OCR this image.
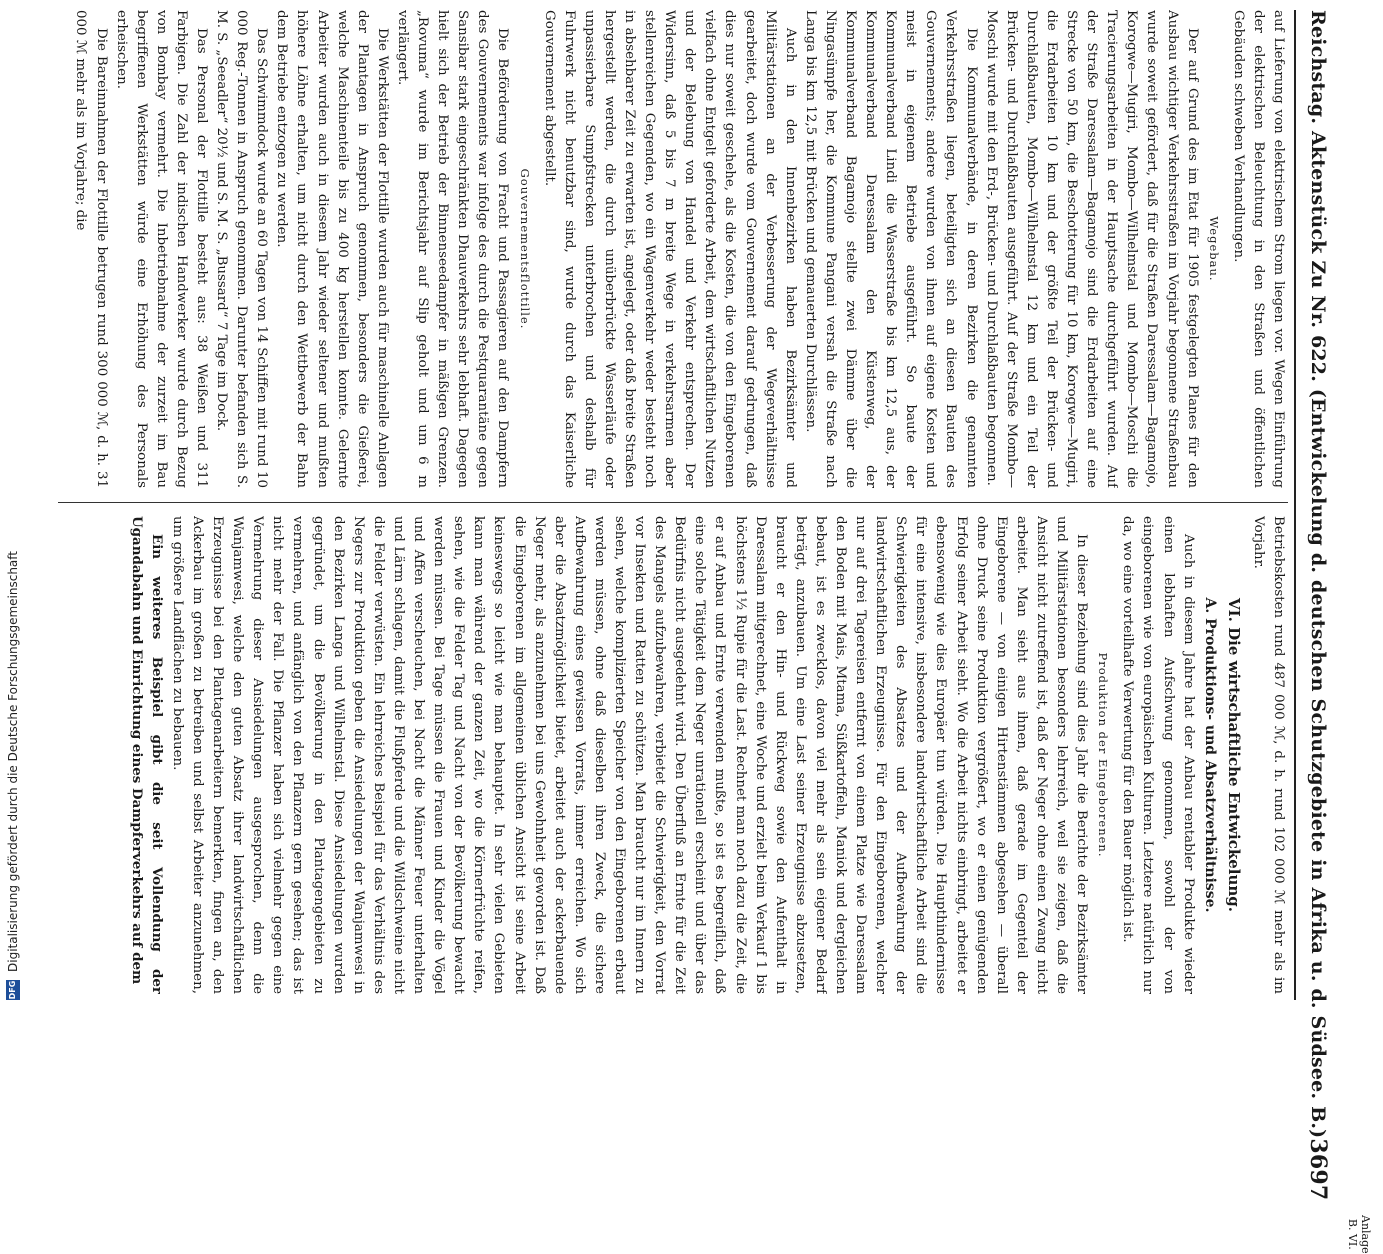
Reichstag. Aktenstück Zu Nr. 622. (Entwickelung d. deutschen Schutzgebiete in Afrika u. d. Südsee. B.)
3697

auf Lieferung von elektrischem Strom liegen vor. Wegen Einführung der elektrischen Beleuchtung in den Straßen und öffentlichen Gebäuden schweben Verhandlungen.

Wegebau.

Der auf Grund des im Etat für 1905 festgelegten Planes für den Ausbau wichtiger Verkehrsstraßen im Vorjahr begonnene Straßenbau wurde soweit gefördert, daß für die Straßen Daressalam—Bagamojo, Korogwe—Mugiri, Mombo—Wilhelmstal und Mombo—Moschi die Tracierungsarbeiten in der Hauptsache durchgeführt wurden. Auf der Straße Daressalam—Bagamojo sind die Erdarbeiten auf eine Strecke von 50 km, die Beschotterung für 10 km, Korogwe—Mugiri, die Erdarbeiten 10 km und der größte Teil der Brücken- und Durchlaßbauten, Mombo—Wilhelmstal 12 km und ein Teil der Brücken- und Durchlaßbauten ausgeführt. Auf der Straße Mombo—Moschi wurde mit den Erd-, Brücken- und Durchlaßbauten begonnen.

Die Kommunalverbände, in deren Bezirken die genannten Verkehrsstraßen liegen, beteiligten sich an diesen Bauten des Gouvernements; andere wurden von ihnen auf eigene Kosten und meist in eigenem Betriebe ausgeführt. So baute der Kommunalverband Lindi die Wasserstraße bis km 12,5 aus, der Kommunalverband Daressalam den Küstenweg, der Kommunalverband Bagamojo stellte zwei Dämme über die Ningasümpfe her, die Kommune Pangani versah die Straße nach Langa bis km 12,5 mit Brücken und gemauerten Durchlässen.

Auch in den Innenbezirken haben Bezirksämter und Militärstationen an der Verbesserung der Wegeverhältnisse gearbeitet, doch wurde vom Gouvernement darauf gedrungen, daß dies nur soweit geschehe, als die Kosten, die von den Eingeborenen vielfach ohne Entgelt geforderte Arbeit, dem wirtschaftlichen Nutzen und der Belebung von Handel und Verkehr entsprechen. Der Widersinn, daß 5 bis 7 m breite Wege in verkehrsarmen aber stellenreichen Gegenden, wo ein Wagenverkehr weder besteht noch in absehbarer Zeit zu erwarten ist, angelegt, oder daß breite Straßen hergestellt werden, die durch unüberbrückte Wasserläufe oder unpassierbare Sumpfstrecken unterbrochen und deshalb für Fuhrwerk nicht benutzbar sind, wurde durch das Kaiserliche Gouvernement abgestellt.

Gouvernementsflottille.

Die Beförderung von Fracht und Passagieren auf den Dampfern des Gouvernements war infolge des durch die Pestquarantäne gegen Sansibar stark eingeschränkten Dhauverkehrs sehr lebhaft. Dagegen hielt sich der Betrieb der Binnenseedampfer in mäßigen Grenzen. „Rovuma“ wurde im Berichtsjahr auf Slip geholt und um 6 m verlängert.

Die Werkstätten der Flottille wurden auch für maschinelle Anlagen der Plantagen in Anspruch genommen, besonders die Gießerei, welche Maschinenteile bis zu 400 kg herstellen konnte. Gelernte Arbeiter wurden auch in diesem Jahr wieder seltener und mußten höhere Löhne erhalten, um nicht durch den Wettbewerb der Bahn dem Betriebe entzogen zu werden.

Das Schwimmdock wurde an 60 Tagen von 14 Schiffen mit rund 10 000 Reg.-Tonnen in Anspruch genommen. Darunter befanden sich S. M. S. „Seeadler“ 20½ und S. M. S. „Bussard“ 7 Tage im Dock.

Das Personal der Flottille besteht aus: 38 Weißen und 311 Farbigen. Die Zahl der indischen Handwerker wurde durch Bezug von Bombay vermehrt. Die Inbetriebnahme der zurzeit im Bau begriffenen Werkstätten würde eine Erhöhung des Personals erheischen.

Die Bareinnahmen der Flottille betrugen rund 300 000 ℳ, d. h. 31 000 ℳ mehr als im Vorjahre; die

Betriebskosten rund 487 000 ℳ, d. h. rund 102 000 ℳ mehr als im Vorjahr.

VI. Die wirtschaftliche Entwickelung.
A. Produktions- und Absatzverhältnisse.

Auch in diesem Jahre hat der Anbau rentabler Produkte wieder einen lebhaften Aufschwung genommen, sowohl der von eingeborenen wie von europäischen Kulturen. Letztere natürlich nur da, wo eine vorteilhafte Verwertung für den Bauer möglich ist.

Produktion der Eingeborenen.

In dieser Beziehung sind dies Jahr die Berichte der Bezirksämter und Militärstationen besonders lehrreich, weil sie zeigen, daß die Ansicht nicht zutreffend ist, daß der Neger ohne einen Zwang nicht arbeitet. Man sieht aus ihnen, daß gerade im Gegenteil der Eingeborene — von einigen Hirtenstämmen abgesehen — überall ohne Druck seine Produktion vergrößert, wo er einen genügenden Erfolg seiner Arbeit sieht. Wo die Arbeit nichts einbringt, arbeitet er ebensowenig wie dies Europäer tun würden. Die Haupthindernisse für eine intensive, insbesondere landwirtschaftliche Arbeit sind die Schwierigkeiten des Absatzes und der Aufbewahrung der landwirtschaftlichen Erzeugnisse. Für den Eingeborenen, welcher nur auf drei Tagereisen entfernt von einem Platze wie Daressalam den Boden mit Mais, Mtama, Süßkartoffeln, Maniok und dergleichen bebaut, ist es zwecklos, davon viel mehr als sein eigener Bedarf beträgt, anzubauen. Um eine Last seiner Erzeugnisse abzusetzen, braucht er den Hin- und Rückweg sowie den Aufenthalt in Daressalam mitgerechnet, eine Woche und erzielt beim Verkauf 1 bis höchstens 1½ Rupie für die Last. Rechnet man noch dazu die Zeit, die er auf Anbau und Ernte verwenden mußte, so ist es begreiflich, daß eine solche Tätigkeit dem Neger unrationell erscheint und über das Bedürfnis nicht ausgedehnt wird. Den Überfluß an Ernte für die Zeit des Mangels aufzubewahren, verbietet die Schwierigkeit, den Vorrat vor Insekten und Ratten zu schützen. Man braucht nur im Innern zu sehen, welche komplizierten Speicher von den Eingeborenen erbaut werden müssen, ohne daß dieselben ihren Zweck, die sichere Aufbewahrung eines gewissen Vorrats, immer erreichen. Wo sich aber die Absatzmöglichkeit bietet, arbeitet auch der ackerbauende Neger mehr, als anzunehmen bei uns Gewohnheit geworden ist. Daß die Eingeborenen im allgemeinen üblichen Ansicht ist seine Arbeit keineswegs so leicht wie man behauptet. In sehr vielen Gebieten kann man während der ganzen Zeit, wo die Körnerfrüchte reifen, sehen, wie die Felder Tag und Nacht von der Bevölkerung bewacht werden müssen. Bei Tage müssen die Frauen und Kinder die Vögel und Affen verscheuchen, bei Nacht die Männer Feuer unterhalten und Lärm schlagen, damit die Flußpferde und die Wildschweine nicht die Felder verwüsten. Ein lehrreiches Beispiel für das Verhältnis des Negers zur Produktion geben die Ansiedelungen der Wanjamwesi in den Bezirken Langa und Wilhelmstal. Diese Ansiedelungen wurden gegründet, um die Bevölkerung in den Plantagengebieten zu vermehren, und anfänglich von den Pflanzern gern gesehen; das ist nicht mehr der Fall. Die Pflanzer haben sich vielmehr gegen eine Vermehrung dieser Ansiedelungen ausgesprochen, denn die Wanjamwesi, welche den guten Absatz ihrer landwirtschaftlichen Erzeugnisse bei den Plantagenarbeitern bemerkten, fingen an, den Ackerbau im großen zu betreiben und selbst Arbeiter anzunehmen, um größere Landflächen zu bebauen.

Ein weiteres Beispiel gibt die seit Vollendung der Ugandabahn und Einrichtung eines Dampferverkehrs auf dem

Anlage
B. VI.
DFG
Digitalisierung gefördert durch die Deutsche Forschungsgemeinschaft
